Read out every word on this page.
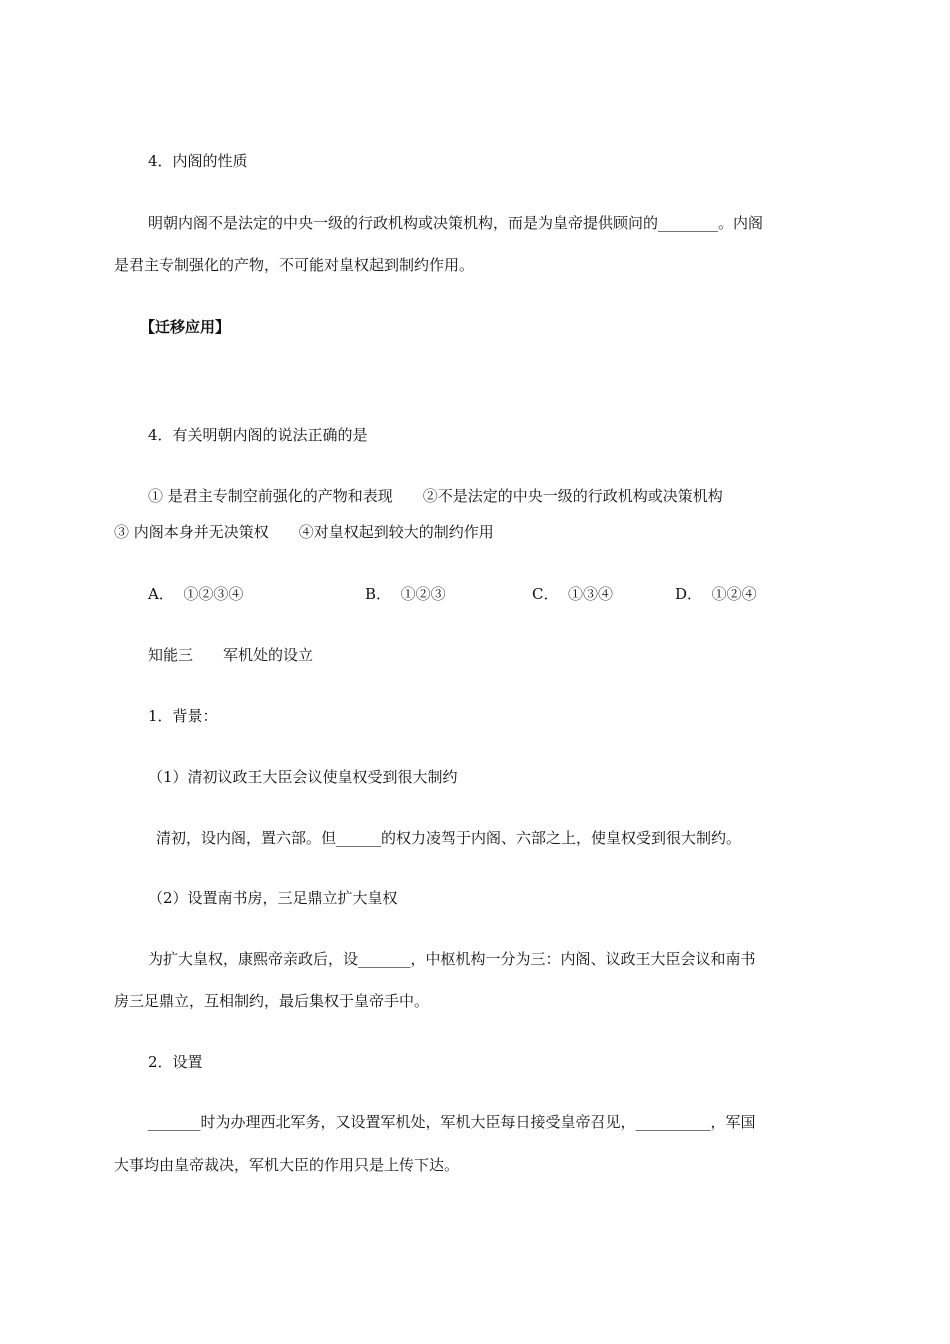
4．内阁的性质
明朝内阁不是法定的中央一级的行政机构或决策机构，而是为皇帝提供顾问的________。内阁
是君主专制强化的产物，不可能对皇权起到制约作用。
【迁移应用】
4．有关明朝内阁的说法正确的是
① 是君主专制空前强化的产物和表现　　②不是法定的中央一级的行政机构或决策机构
③ 内阁本身并无决策权　　④对皇权起到较大的制约作用
A． ①②③④	B． ①②③	C． ①③④	D． ①②④
知能三　　军机处的设立
1．背景：
（1）清初议政王大臣会议使皇权受到很大制约
清初，设内阁，置六部。但______的权力凌驾于内阁、六部之上，使皇权受到很大制约。
（2）设置南书房，三足鼎立扩大皇权
为扩大皇权，康熙帝亲政后，设_______，中枢机构一分为三：内阁、议政王大臣会议和南书
房三足鼎立，互相制约，最后集权于皇帝手中。
2．设置
_______时为办理西北军务，又设置军机处，军机大臣每日接受皇帝召见，__________，军国
大事均由皇帝裁决，军机大臣的作用只是上传下达。
